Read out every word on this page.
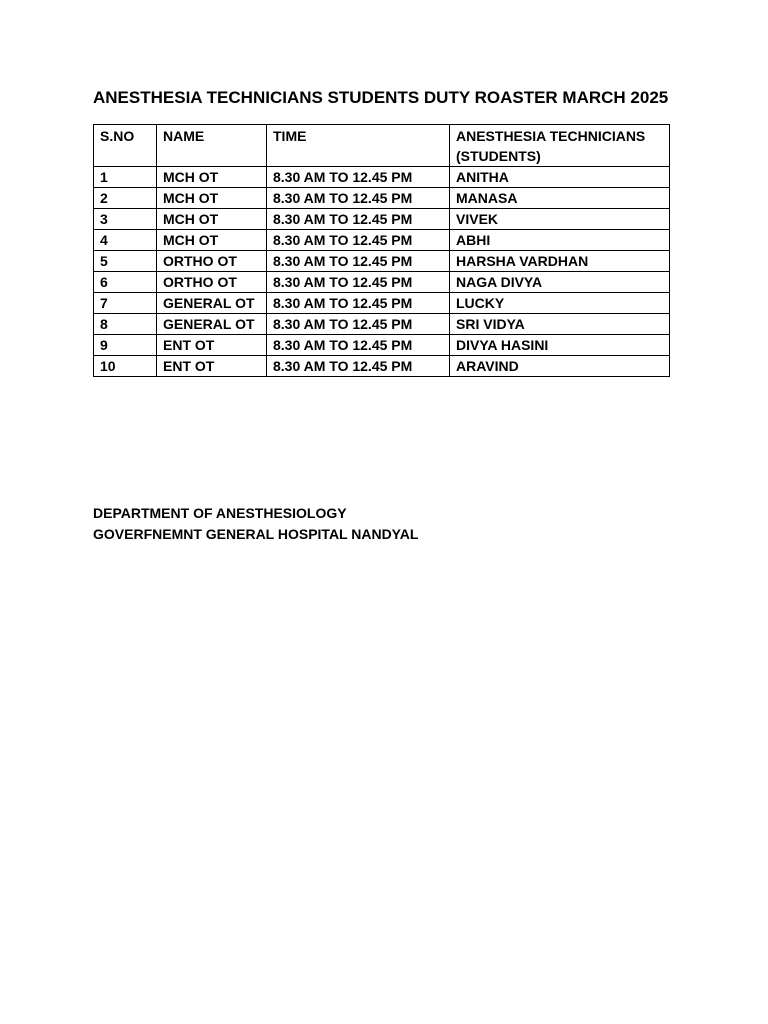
ANESTHESIA TECHNICIANS STUDENTS DUTY ROASTER MARCH 2025
S.NO	NAME	TIME	ANESTHESIA TECHNICIANS (STUDENTS)
1	MCH OT	8.30 AM TO 12.45 PM	ANITHA
2	MCH OT	8.30 AM TO 12.45 PM	MANASA
3	MCH OT	8.30 AM TO 12.45 PM	VIVEK
4	MCH OT	8.30 AM TO 12.45 PM	ABHI
5	ORTHO OT	8.30 AM TO 12.45 PM	HARSHA VARDHAN
6	ORTHO OT	8.30 AM TO 12.45 PM	NAGA DIVYA
7	GENERAL OT	8.30 AM TO 12.45 PM	LUCKY
8	GENERAL OT	8.30 AM TO 12.45 PM	SRI VIDYA
9	ENT OT	8.30 AM TO 12.45 PM	DIVYA HASINI
10	ENT OT	8.30 AM TO 12.45 PM	ARAVIND
DEPARTMENT OF ANESTHESIOLOGY
GOVERFNEMNT GENERAL HOSPITAL NANDYAL
